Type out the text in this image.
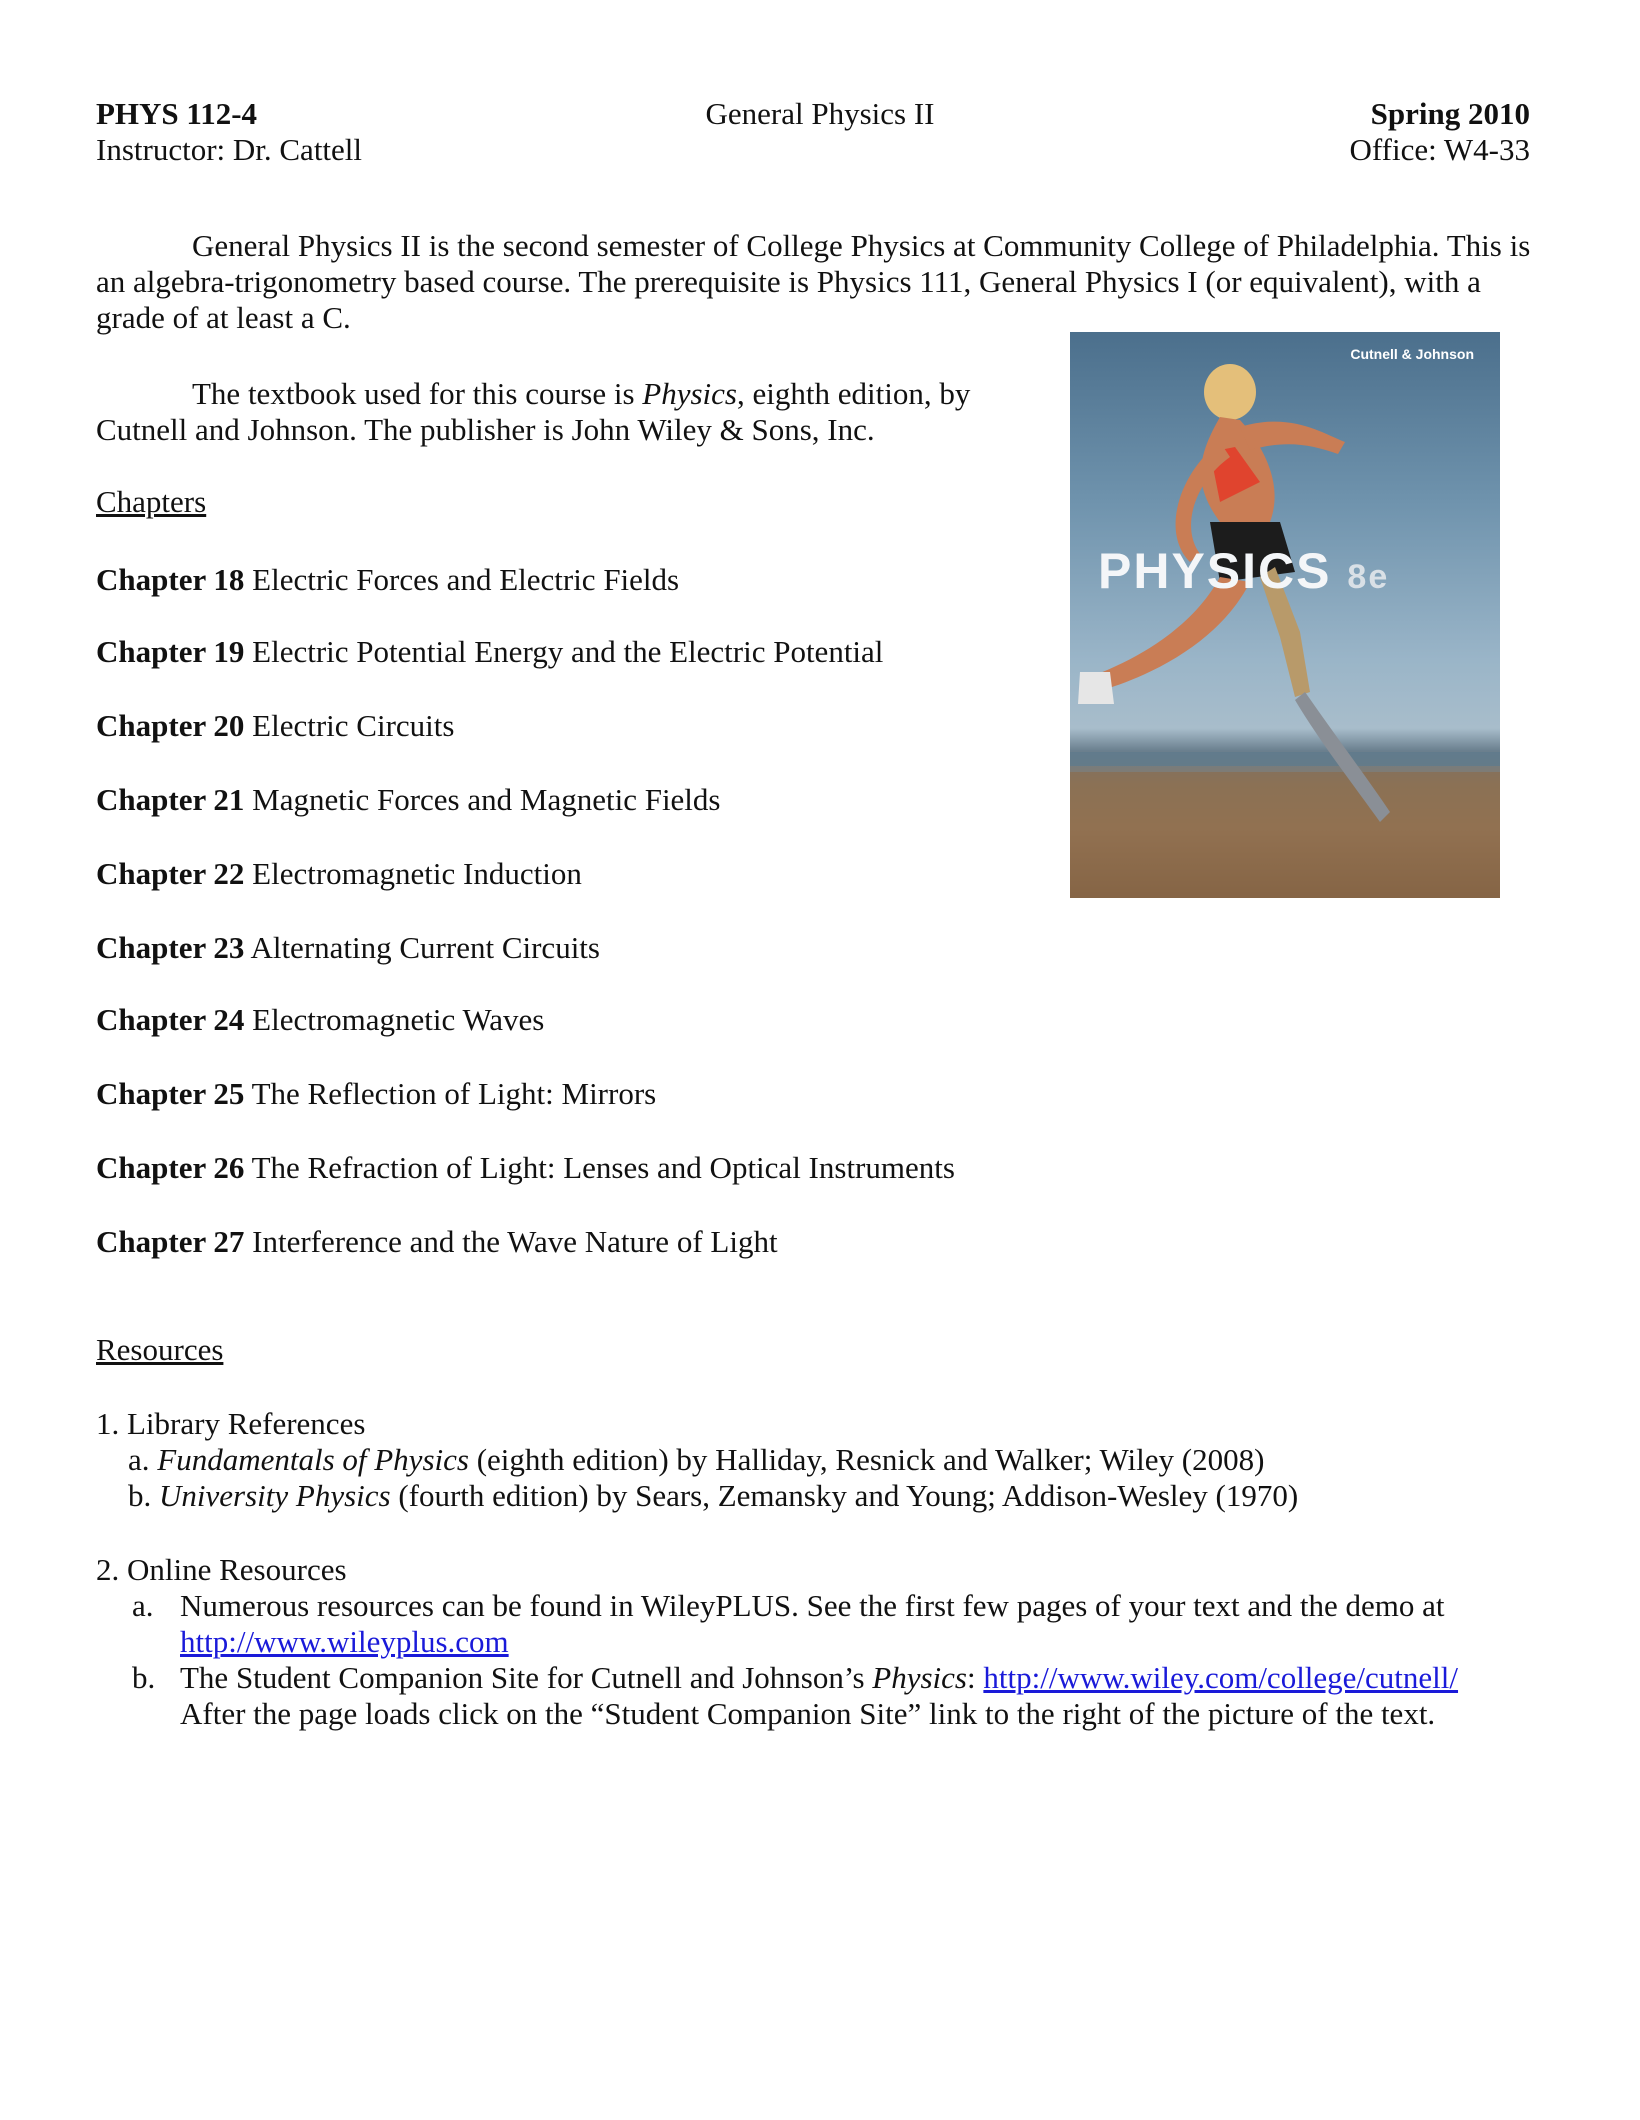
PHYS 112-4
Instructor: Dr. Cattell
General Physics II	Spring 2010
Office: W4-33
General Physics II is the second semester of College Physics at Community College of Philadelphia. This is an algebra-trigonometry based course. The prerequisite is Physics 111, General Physics I (or equivalent), with a grade of at least a C.
The textbook used for this course is Physics, eighth edition, by
Cutnell and Johnson. The publisher is John Wiley & Sons, Inc.
Cutnell & Johnson
PHYSICS 8e
Chapters
Chapter 18 Electric Forces and Electric Fields
Chapter 19 Electric Potential Energy and the Electric Potential
Chapter 20 Electric Circuits
Chapter 21 Magnetic Forces and Magnetic Fields
Chapter 22 Electromagnetic Induction
Chapter 23 Alternating Current Circuits
Chapter 24 Electromagnetic Waves
Chapter 25 The Reflection of Light: Mirrors
Chapter 26 The Refraction of Light: Lenses and Optical Instruments
Chapter 27 Interference and the Wave Nature of Light
Resources
1. Library References
a. Fundamentals of Physics (eighth edition) by Halliday, Resnick and Walker; Wiley (2008)
b. University Physics (fourth edition) by Sears, Zemansky and Young; Addison-Wesley (1970)
2. Online Resources
a. Numerous resources can be found in WileyPLUS. See the first few pages of your text and the demo at
http://www.wileyplus.com
b. The Student Companion Site for Cutnell and Johnson’s Physics: http://www.wiley.com/college/cutnell/
After the page loads click on the “Student Companion Site” link to the right of the picture of the text.
